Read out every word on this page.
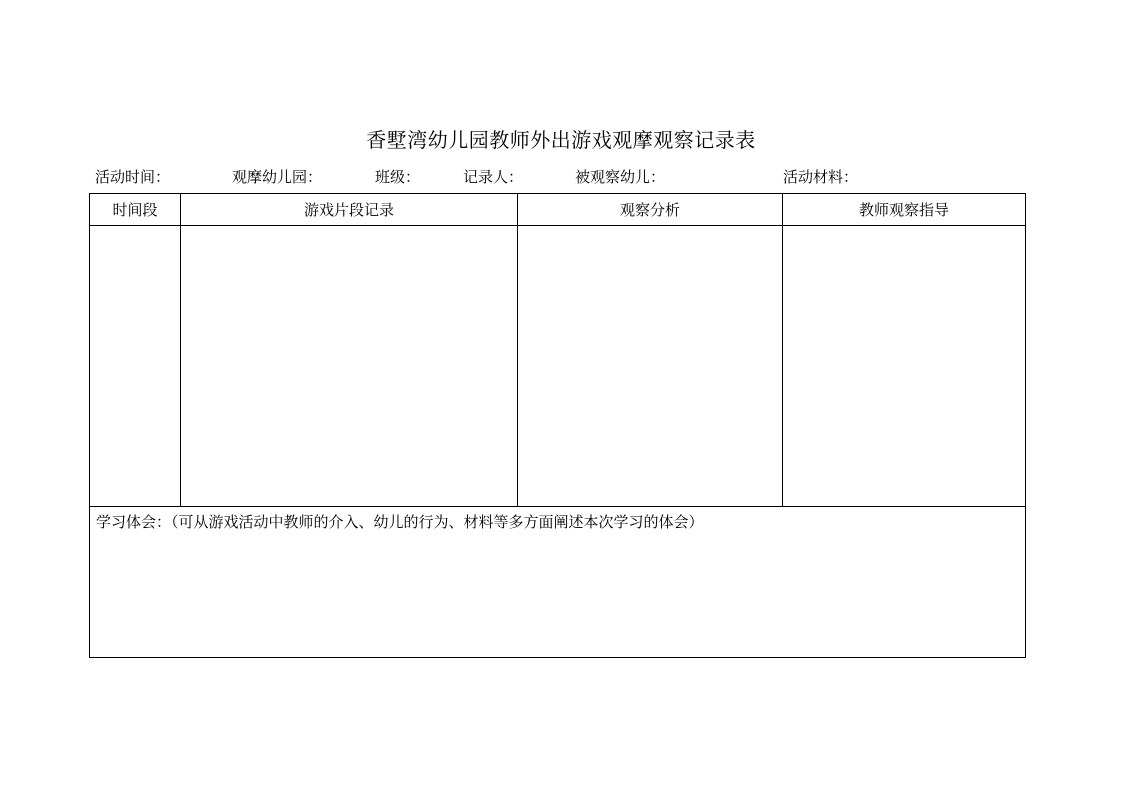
香墅湾幼儿园教师外出游戏观摩观察记录表
活动时间：	观摩幼儿园：	班级：	记录人：	被观察幼儿：	活动材料：
时间段	游戏片段记录	观察分析	教师观察指导

学习体会：（可从游戏活动中教师的介入、幼儿的行为、材料等多方面阐述本次学习的体会）			
